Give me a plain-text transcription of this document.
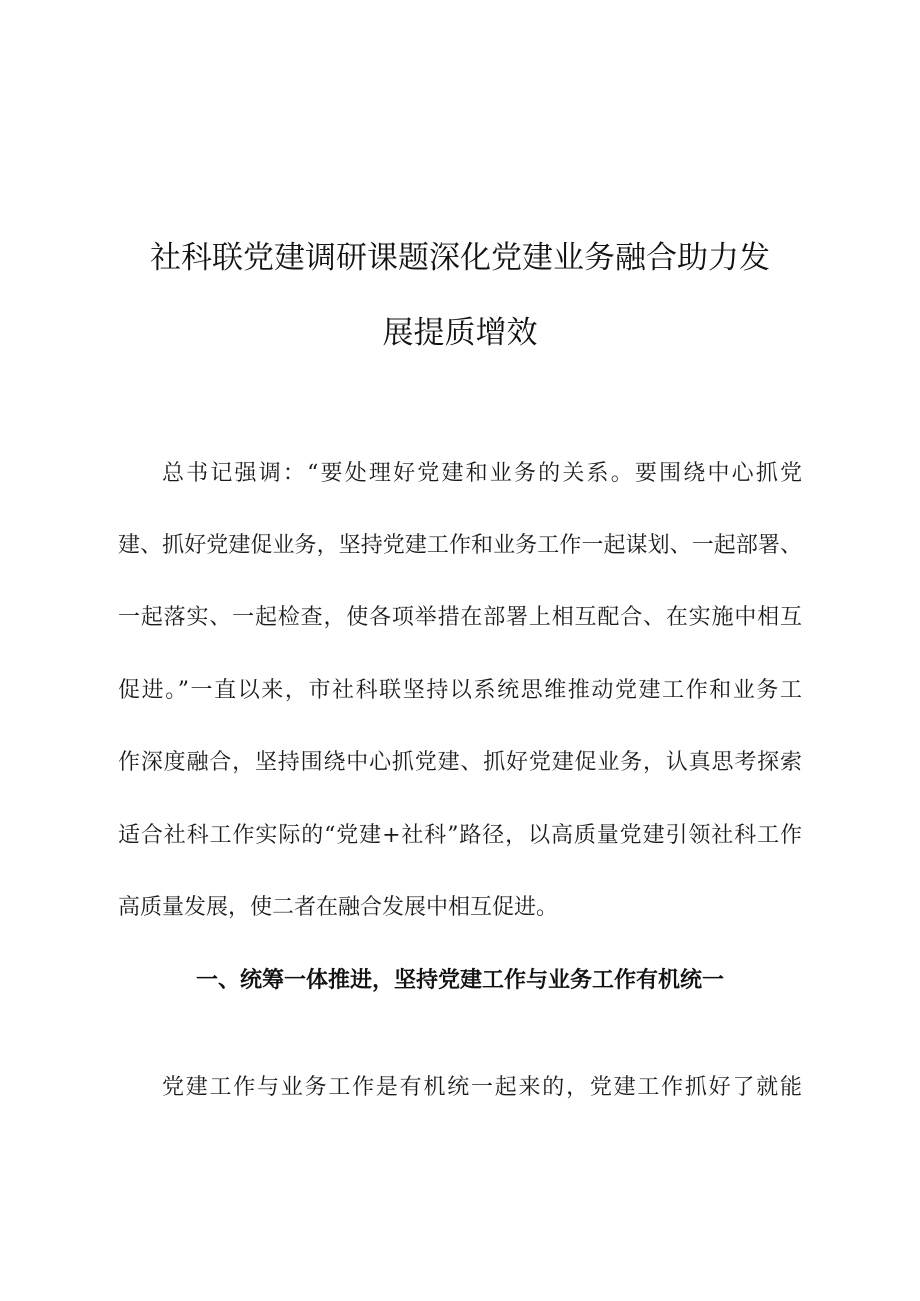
社科联党建调研课题深化党建业务融合助力发
展提质增效
总书记强调：“要处理好党建和业务的关系。要围绕中心抓党
建、抓好党建促业务，坚持党建工作和业务工作一起谋划、一起部署、
一起落实、一起检查，使各项举措在部署上相互配合、在实施中相互
促进。”一直以来，市社科联坚持以系统思维推动党建工作和业务工
作深度融合，坚持围绕中心抓党建、抓好党建促业务，认真思考探索
适合社科工作实际的“党建+社科”路径，以高质量党建引领社科工作
高质量发展，使二者在融合发展中相互促进。
一、统筹一体推进，坚持党建工作与业务工作有机统一
党建工作与业务工作是有机统一起来的，党建工作抓好了就能
